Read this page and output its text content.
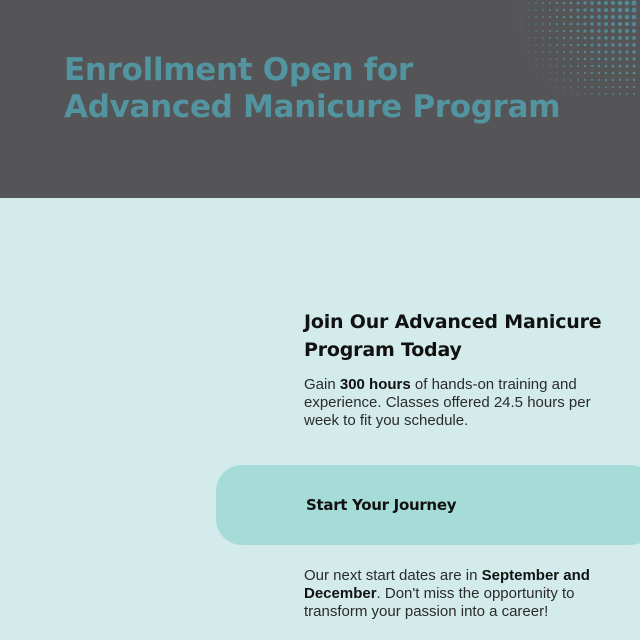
Enrollment Open for
Advanced Manicure Program
Join Our Advanced Manicure
Program Today

Gain 300 hours of hands-on training and experience. Classes offered 24.5 hours per week to fit you schedule.

Start Your Journey

Our next start dates are in September and December. Don't miss the opportunity to transform your passion into a career!
